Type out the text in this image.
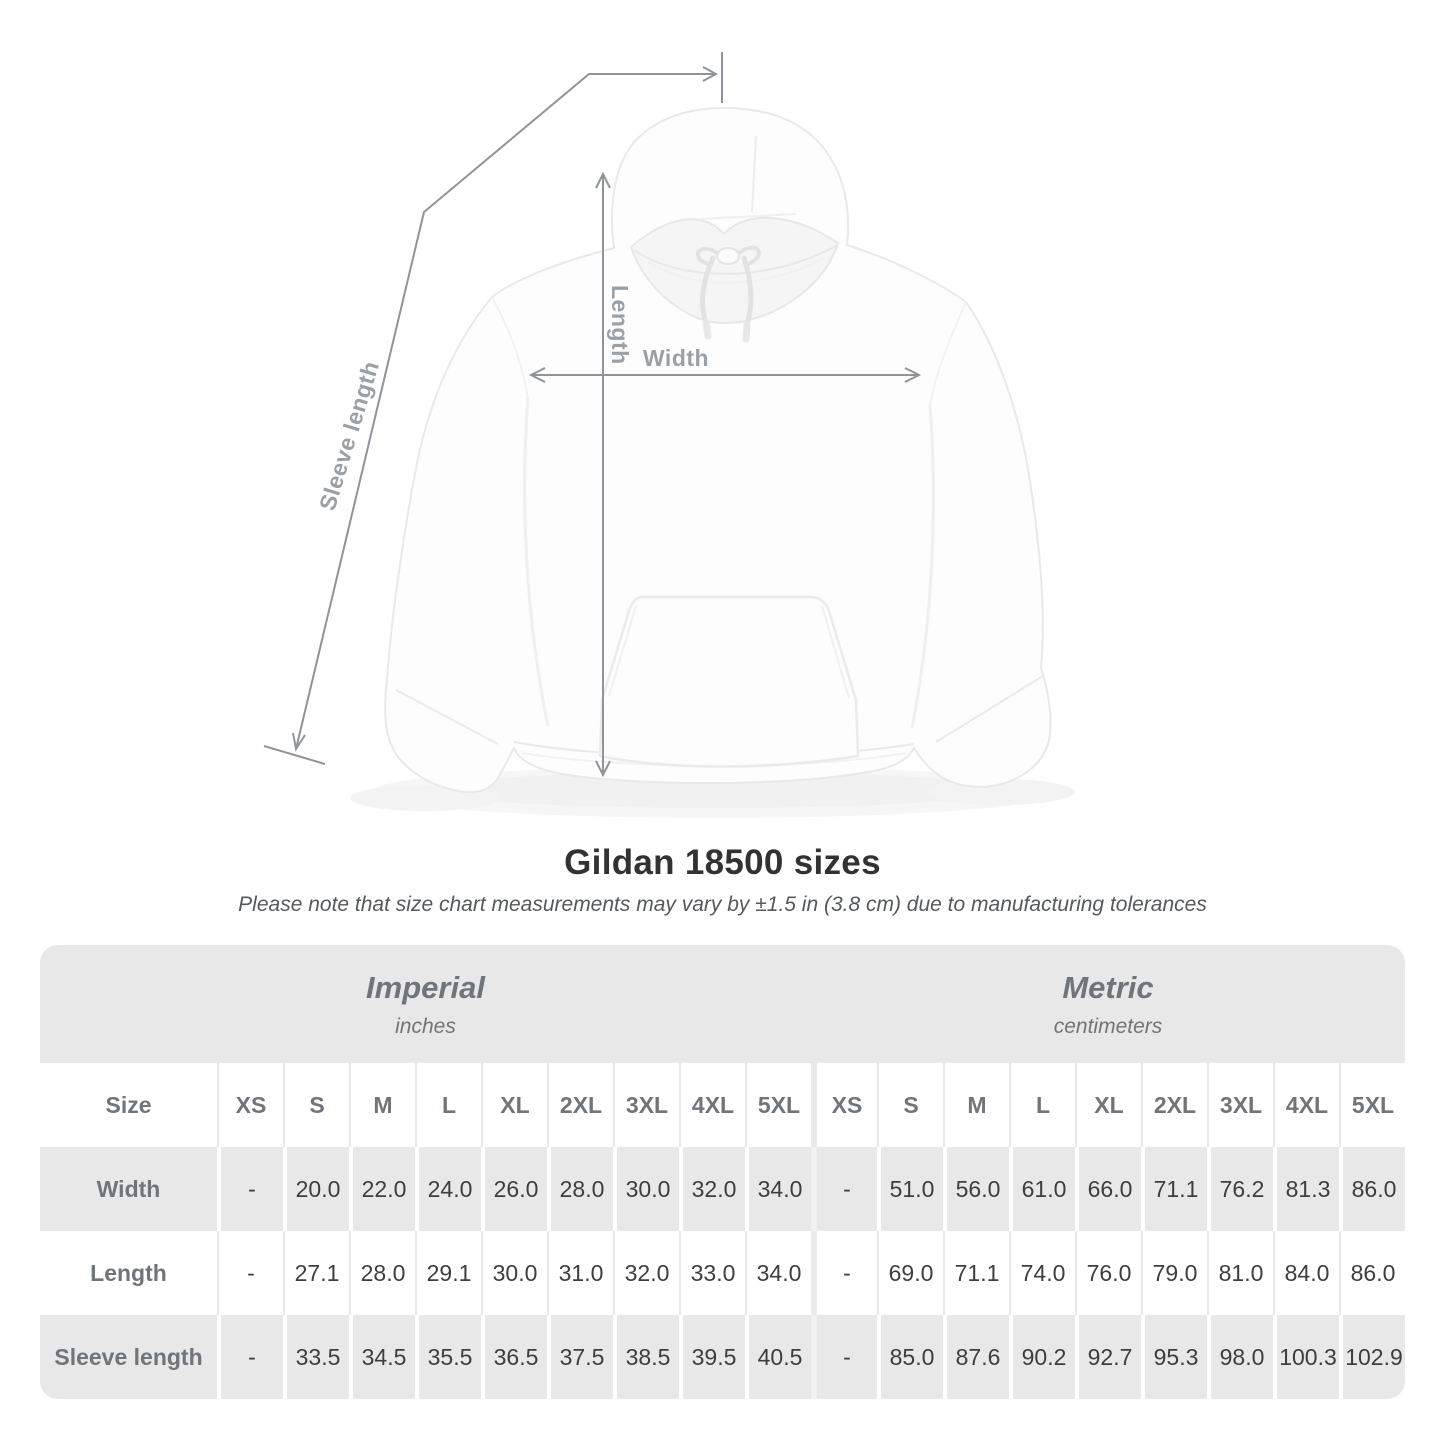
Length Width
Sleeve length
Gildan 18500 sizes

Please note that size chart measurements may vary by ±1.5 in (3.8 cm) due to manufacturing tolerances

Imperial
inches

Metric
centimeters

Size	XS	S	M	L	XL	2XL	3XL	4XL	5XL	XS	S	M	L	XL	2XL	3XL	4XL	5XL
Width	-	20.0	22.0	24.0	26.0	28.0	30.0	32.0	34.0	-	51.0	56.0	61.0	66.0	71.1	76.2	81.3	86.0
Length	-	27.1	28.0	29.1	30.0	31.0	32.0	33.0	34.0	-	69.0	71.1	74.0	76.0	79.0	81.0	84.0	86.0
Sleeve length	-	33.5	34.5	35.5	36.5	37.5	38.5	39.5	40.5	-	85.0	87.6	90.2	92.7	95.3	98.0	100.3	102.9
